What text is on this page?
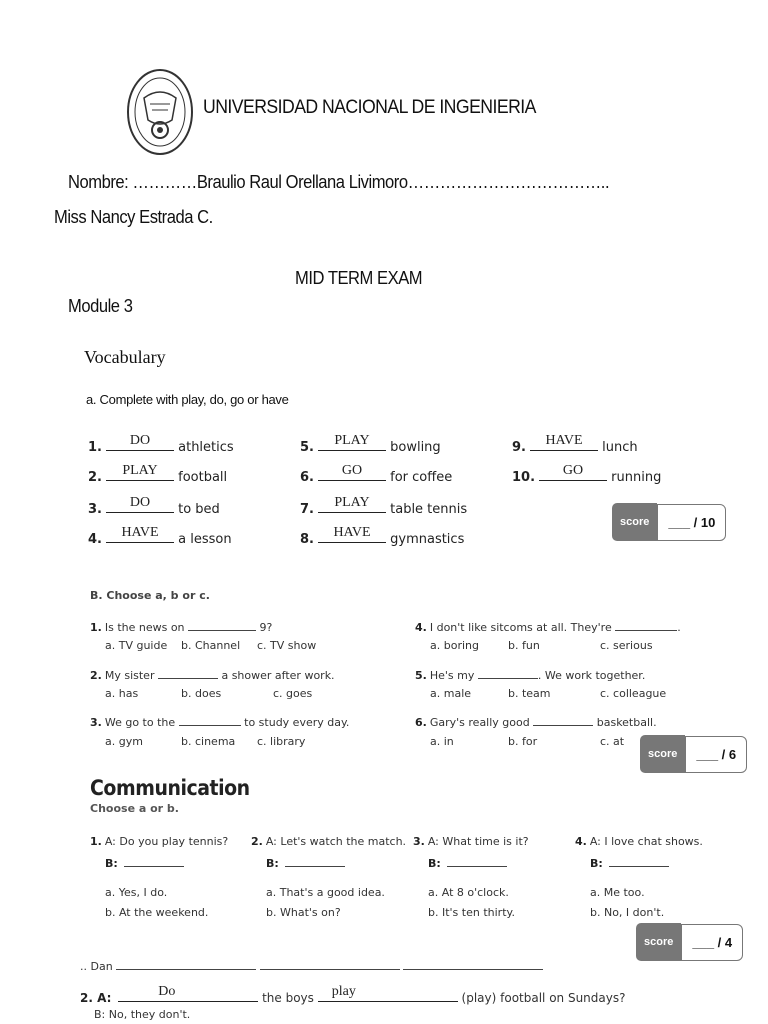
UNIVERSIDAD NACIONAL DE INGENIERIA
Nombre: …………Braulio Raul Orellana Livimoro………………………………..
Miss Nancy Estrada C.
MID TERM EXAM
Module 3
Vocabulary
a. Complete with play, do, go or have
1.	DO	athletics
2.	PLAY	football
3.	DO	to bed
4.	HAVE	a lesson
5.	PLAY	bowling
6.	GO	for coffee
7.	PLAY	table tennis
8.	HAVE	gymnastics
9.	HAVE	lunch
10.	GO	running
score	___ / 10
B. Choose a, b or c.
1. Is the news on	9?
a. TV guide b. Channel c. TV show
2. My sister	a shower after work.
a. has	b. does	c. goes
3. We go to the	to study every day.
a. gym	b. cinema c. library
4. I don't like sitcoms at all. They're	.
a. boring	b. fun	c. serious
5. He's my	. We work together.
a. male	b. team	c. colleague
6. Gary's really good	basketball.
a. in	b. for	c. at
score	___ / 6
Communication
Choose a or b.
1. A: Do you play tennis?
B:
a. Yes, I do.
b. At the weekend.
2. A: Let's watch the match.
B:
a. That's a good idea.
b. What's on?
3. A: What time is it?
B:
a. At 8 o'clock.
b. It's ten thirty.
4. A: I love chat shows.
B:
a. Me too.
b. No, I don't.
score	___ / 4
.. Dan
2. A:	Do	the boys	play	(play) football on Sundays?
B: No, they don't.
